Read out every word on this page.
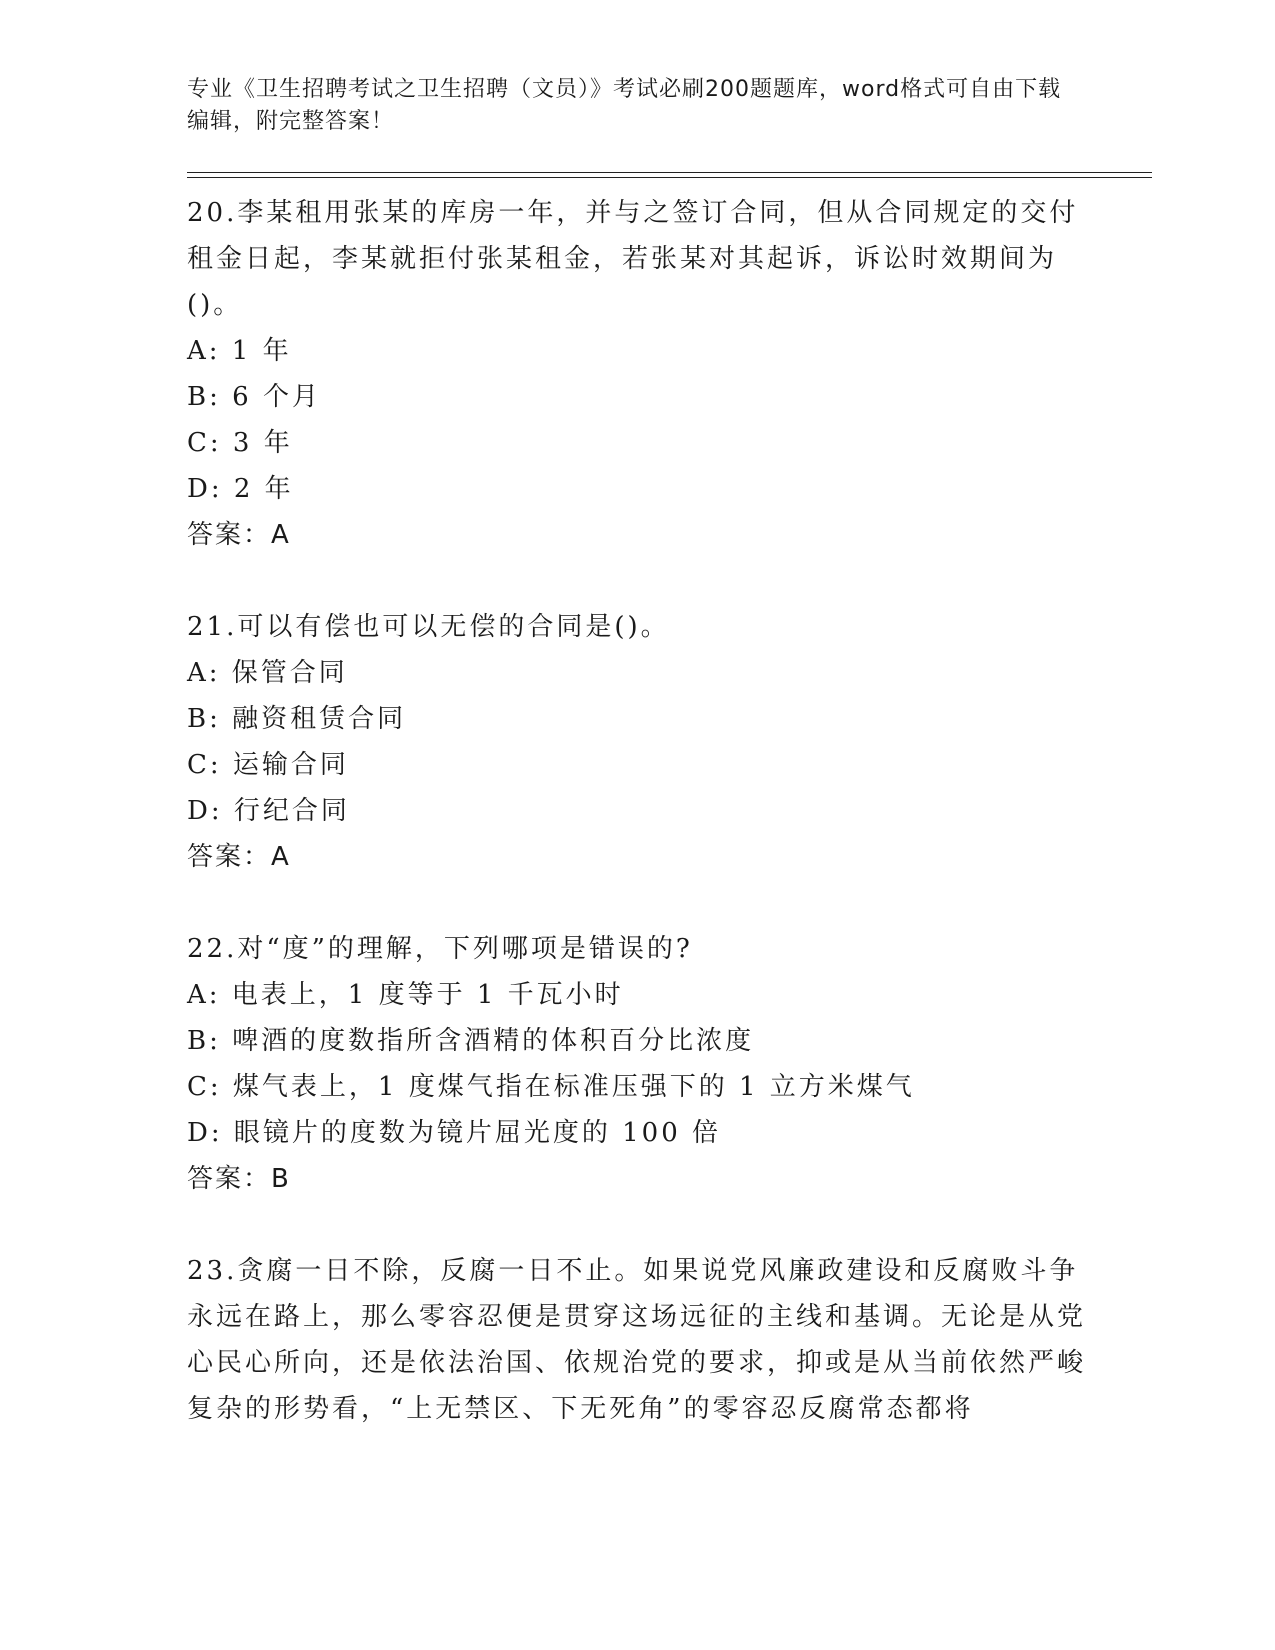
专业《卫生招聘考试之卫生招聘（文员）》考试必刷200题题库，word格式可自由下载编辑，附完整答案！
20.李某租用张某的库房一年，并与之签订合同，但从合同规定的交付租金日起，李某就拒付张某租金，若张某对其起诉，诉讼时效期间为()。
A: 1 年
B: 6 个月
C: 3 年
D: 2 年
答案：A
21.可以有偿也可以无偿的合同是()。
A: 保管合同
B: 融资租赁合同
C: 运输合同
D: 行纪合同
答案：A
22.对“度”的理解，下列哪项是错误的?
A: 电表上，1 度等于 1 千瓦小时
B: 啤酒的度数指所含酒精的体积百分比浓度
C: 煤气表上，1 度煤气指在标准压强下的 1 立方米煤气
D: 眼镜片的度数为镜片屈光度的 100 倍
答案：B
23.贪腐一日不除，反腐一日不止。如果说党风廉政建设和反腐败斗争永远在路上，那么零容忍便是贯穿这场远征的主线和基调。无论是从党心民心所向，还是依法治国、依规治党的要求，抑或是从当前依然严峻复杂的形势看，“上无禁区、下无死角”的零容忍反腐常态都将
